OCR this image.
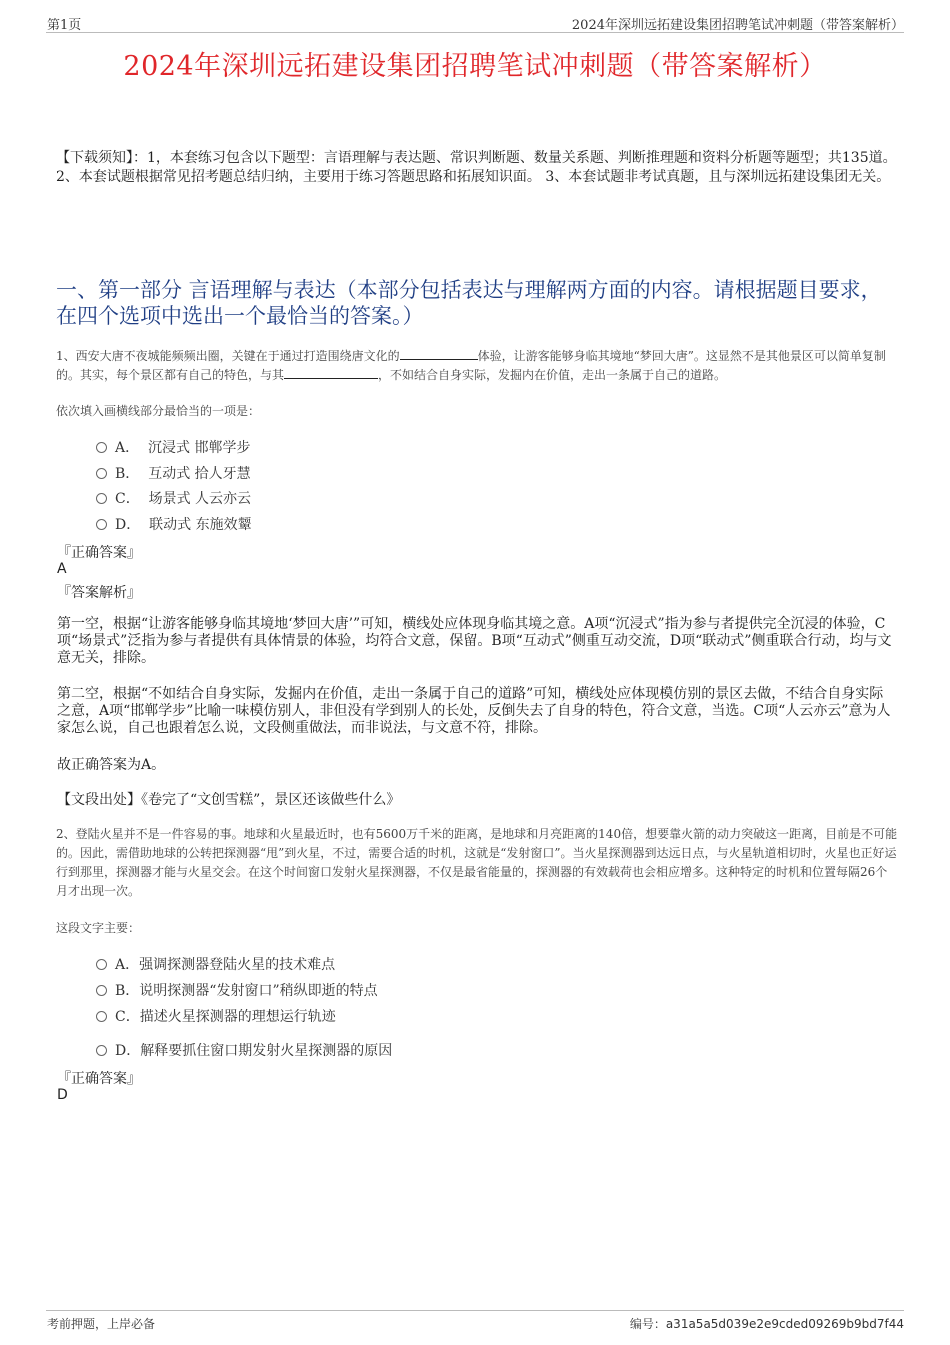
第1页	2024年深圳远拓建设集团招聘笔试冲刺题（带答案解析）
2024年深圳远拓建设集团招聘笔试冲刺题（带答案解析）
【下载须知】：1，本套练习包含以下题型：言语理解与表达题、常识判断题、数量关系题、判断推理题和资料分析题等题型；共135道。 2、本套试题根据常见招考题总结归纳，主要用于练习答题思路和拓展知识面。 3、本套试题非考试真题，且与深圳远拓建设集团无关。
一、第一部分 言语理解与表达（本部分包括表达与理解两方面的内容。请根据题目要求，在四个选项中选出一个最恰当的答案。）
1、西安大唐不夜城能频频出圈，关键在于通过打造围绕唐文化的	体验，让游客能够身临其境地“梦回大唐”。这显然不是其他景区可以简单复制的。其实，每个景区都有自己的特色，与其	，不如结合自身实际，发掘内在价值，走出一条属于自己的道路。
依次填入画横线部分最恰当的一项是：
A．  沉浸式 邯郸学步
B．  互动式 拾人牙慧
C．  场景式 人云亦云
D．  联动式 东施效颦
『正确答案』
A
『答案解析』
第一空，根据“让游客能够身临其境地‘梦回大唐’”可知，横线处应体现身临其境之意。A项“沉浸式”指为参与者提供完全沉浸的体验，C项“场景式”泛指为参与者提供有具体情景的体验，均符合文意，保留。B项“互动式”侧重互动交流，D项“联动式”侧重联合行动，均与文意无关，排除。
第二空，根据“不如结合自身实际，发掘内在价值，走出一条属于自己的道路”可知，横线处应体现模仿别的景区去做，不结合自身实际之意，A项“邯郸学步”比喻一味模仿别人，非但没有学到别人的长处，反倒失去了自身的特色，符合文意，当选。C项“人云亦云”意为人家怎么说，自己也跟着怎么说，文段侧重做法，而非说法，与文意不符，排除。
故正确答案为A。
【文段出处】《卷完了“文创雪糕”，景区还该做些什么》
2、登陆火星并不是一件容易的事。地球和火星最近时，也有5600万千米的距离，是地球和月亮距离的140倍，想要靠火箭的动力突破这一距离，目前是不可能的。因此，需借助地球的公转把探测器“甩”到火星，不过，需要合适的时机，这就是“发射窗口”。当火星探测器到达远日点，与火星轨道相切时，火星也正好运行到那里，探测器才能与火星交会。在这个时间窗口发射火星探测器，不仅是最省能量的，探测器的有效载荷也会相应增多。这种特定的时机和位置每隔26个月才出现一次。
这段文字主要：
A．强调探测器登陆火星的技术难点
B．说明探测器“发射窗口”稍纵即逝的特点
C．描述火星探测器的理想运行轨迹
D．解释要抓住窗口期发射火星探测器的原因
『正确答案』
D
考前押题，上岸必备	编号：a31a5a5d039e2e9cded09269b9bd7f44
